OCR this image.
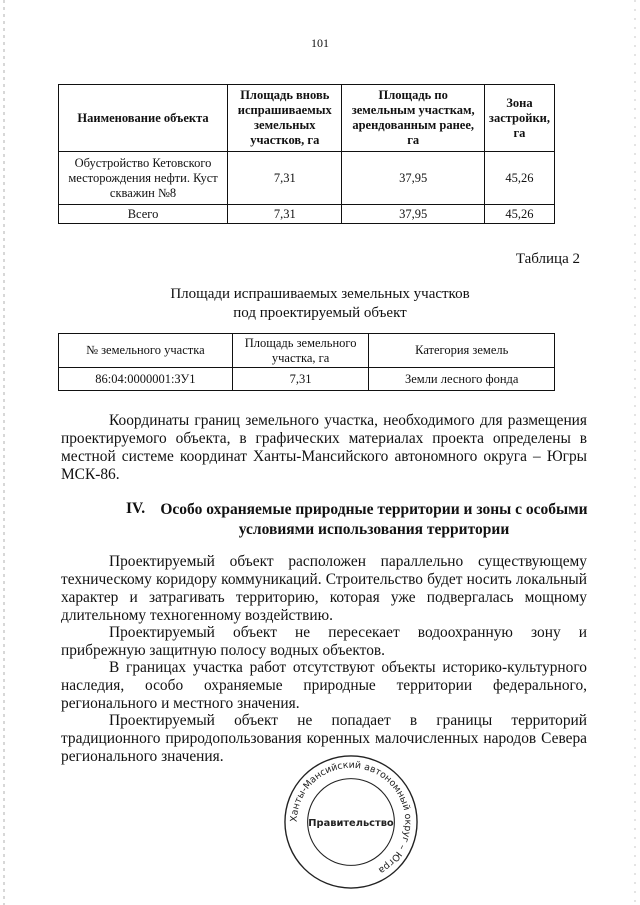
101
Наименование объекта	Площадь вновь испрашиваемых земельных участков, га	Площадь по земельным участкам, арендованным ранее, га	Зона застройки, га
Обустройство Кетовского месторождения нефти. Куст скважин №8	7,31	37,95	45,26
Всего	7,31	37,95	45,26
Таблица 2
Площади испрашиваемых земельных участков
под проектируемый объект
№ земельного участка	Площадь земельного участка, га	Категория земель
86:04:0000001:ЗУ1	7,31	Земли лесного фонда

Координаты границ земельного участка, необходимого для размещения проектируемого объекта, в графических материалах проекта определены в местной системе координат Ханты-Мансийского автономного округа – Югры МСК-86.

IV. Особо охраняемые природные территории и зоны с особыми
условиями использования территории

Проектируемый объект расположен параллельно существующему техническому коридору коммуникаций. Строительство будет носить локальный характер и затрагивать территорию, которая уже подвергалась мощному длительному техногенному воздействию.

Проектируемый объект не пересекает водоохранную зону и прибрежную защитную полосу водных объектов.

В границах участка работ отсутствуют объекты историко-культурного наследия, особо охраняемые природные территории федерального, регионального и местного значения.

Проектируемый объект не попадает в границы территорий традиционного природопользования коренных малочисленных народов Севера регионального значения.

Ханты-Мансийский автономный округ – Югра
Правительство
